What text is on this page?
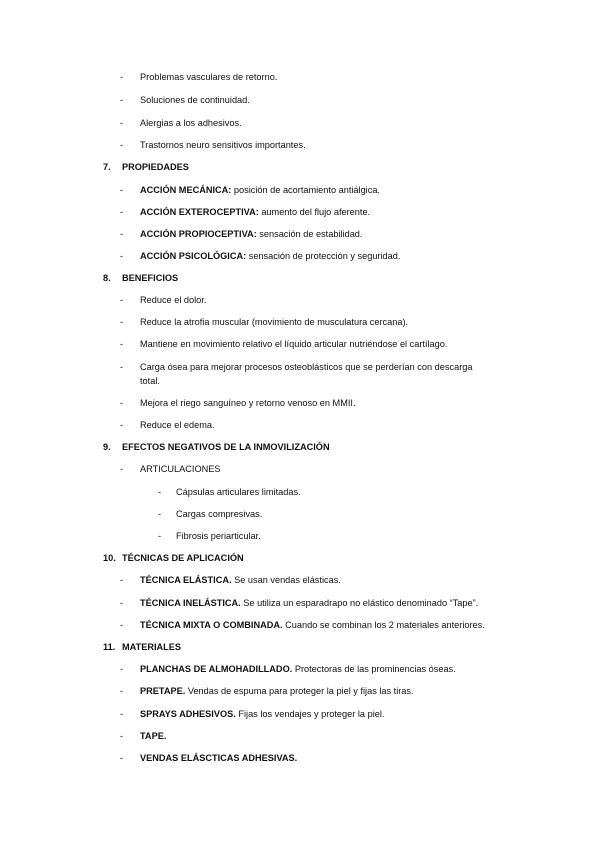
- Problemas vasculares de retorno.
- Soluciones de continuidad.
- Alergias a los adhesivos.
- Trastornos neuro sensitivos importantes.
7. PROPIEDADES
- ACCIÓN MECÁNICA: posición de acortamiento antiálgica.
- ACCIÓN EXTEROCEPTIVA: aumento del flujo aferente.
- ACCIÓN PROPIOCEPTIVA: sensación de estabilidad.
- ACCIÓN PSICOLÓGICA: sensación de protección y seguridad.
8. BENEFICIOS
- Reduce el dolor.
- Reduce la atrofia muscular (movimiento de musculatura cercana).
- Mantiene en movimiento relativo el líquido articular nutriéndose el cartílago.
- Carga ósea para mejorar procesos osteoblásticos que se perderían con descarga
total.
- Mejora el riego sanguíneo y retorno venoso en MMII.
- Reduce el edema.
9. EFECTOS NEGATIVOS DE LA INMOVILIZACIÓN
- ARTICULACIONES
- Cápsulas articulares limitadas.
- Cargas compresivas.
- Fibrosis periarticular.
10. TÉCNICAS DE APLICACIÓN
- TÉCNICA ELÁSTICA. Se usan vendas elásticas.
- TÉCNICA INELÁSTICA. Se utiliza un esparadrapo no elástico denominado “Tape”.
- TÉCNICA MIXTA O COMBINADA. Cuando se combinan los 2 materiales anteriores.
11. MATERIALES
- PLANCHAS DE ALMOHADILLADO. Protectoras de las prominencias óseas.
- PRETAPE. Vendas de espuma para proteger la piel y fijas las tiras.
- SPRAYS ADHESIVOS. Fijas los vendajes y proteger la piel.
- TAPE.
- VENDAS ELÁSCTICAS ADHESIVAS.
